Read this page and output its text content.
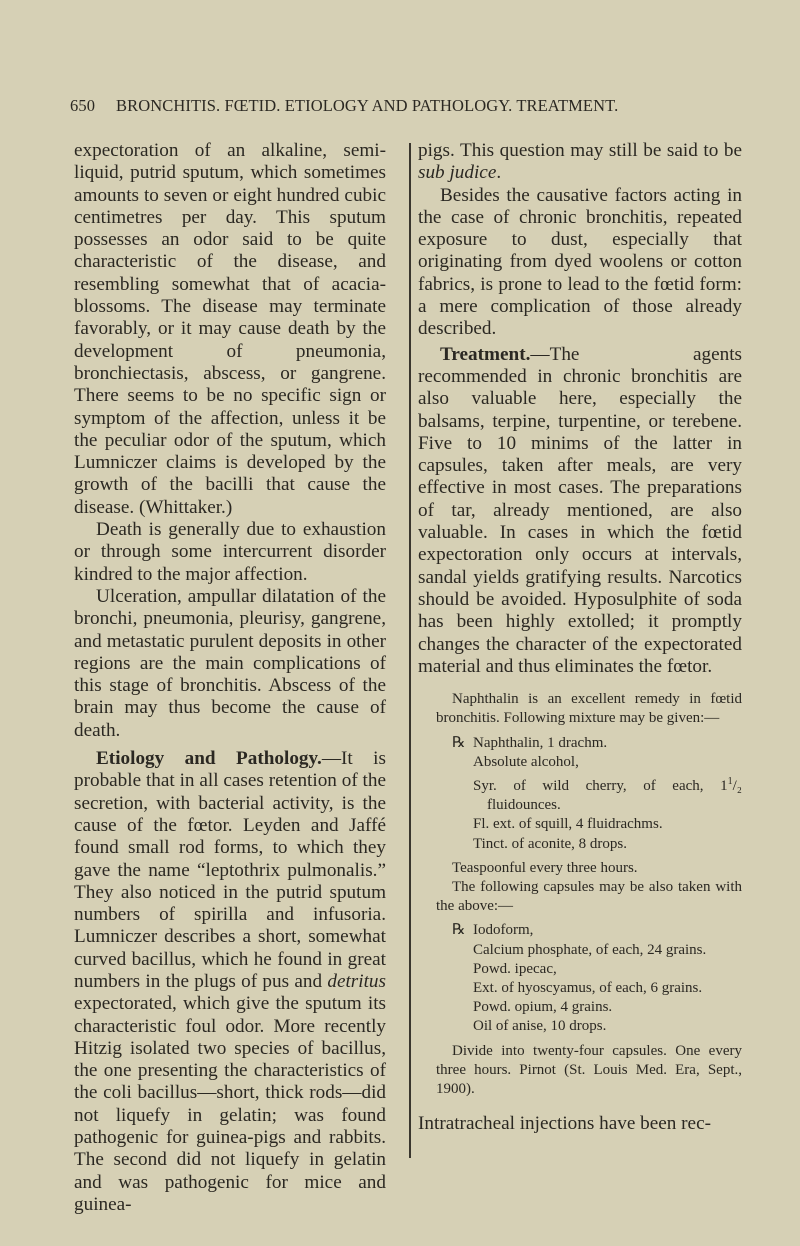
650 BRONCHITIS. FŒTID. ETIOLOGY AND PATHOLOGY. TREATMENT.

expectoration of an alkaline, semi-liquid, putrid sputum, which sometimes amounts to seven or eight hundred cubic centimetres per day. This sputum possesses an odor said to be quite characteristic of the disease, and resembling somewhat that of acacia-blossoms. The disease may terminate favorably, or it may cause death by the development of pneumonia, bronchiectasis, abscess, or gangrene. There seems to be no specific sign or symptom of the affection, unless it be the peculiar odor of the sputum, which Lumniczer claims is developed by the growth of the bacilli that cause the disease. (Whittaker.)

Death is generally due to exhaustion or through some intercurrent disorder kindred to the major affection.

Ulceration, ampullar dilatation of the bronchi, pneumonia, pleurisy, gangrene, and metastatic purulent deposits in other regions are the main complications of this stage of bronchitis. Abscess of the brain may thus become the cause of death.

Etiology and Pathology.—It is probable that in all cases retention of the secretion, with bacterial activity, is the cause of the fœtor. Leyden and Jaffé found small rod forms, to which they gave the name “leptothrix pulmonalis.” They also noticed in the putrid sputum numbers of spirilla and infusoria. Lumniczer describes a short, somewhat curved bacillus, which he found in great numbers in the plugs of pus and detritus expectorated, which give the sputum its characteristic foul odor. More recently Hitzig isolated two species of bacillus, the one presenting the characteristics of the coli bacillus—short, thick rods—did not liquefy in gelatin; was found pathogenic for guinea-pigs and rabbits. The second did not liquefy in gelatin and was pathogenic for mice and guinea-

pigs. This question may still be said to be sub judice.

Besides the causative factors acting in the case of chronic bronchitis, repeated exposure to dust, especially that originating from dyed woolens or cotton fabrics, is prone to lead to the fœtid form: a mere complication of those already described.

Treatment.—The agents recommended in chronic bronchitis are also valuable here, especially the balsams, terpine, turpentine, or terebene. Five to 10 minims of the latter in capsules, taken after meals, are very effective in most cases. The preparations of tar, already mentioned, are also valuable. In cases in which the fœtid expectoration only occurs at intervals, sandal yields gratifying results. Narcotics should be avoided. Hyposulphite of soda has been highly extolled; it promptly changes the character of the expectorated material and thus eliminates the fœtor.

Naphthalin is an excellent remedy in fœtid bronchitis. Following mixture may be given:—

℞ Naphthalin, 1 drachm.

Absolute alcohol,

Syr. of wild cherry, of each, $1^1/_2$ fluidounces.

Fl. ext. of squill, 4 fluidrachms.

Tinct. of aconite, 8 drops.

Teaspoonful every three hours.

The following capsules may be also taken with the above:—

℞ Iodoform,

Calcium phosphate, of each, 24 grains.

Powd. ipecac,

Ext. of hyoscyamus, of each, 6 grains.

Powd. opium, 4 grains.

Oil of anise, 10 drops.

Divide into twenty-four capsules. One every three hours. Pirnot (St. Louis Med. Era, Sept., 1900).

Intratracheal injections have been rec-
